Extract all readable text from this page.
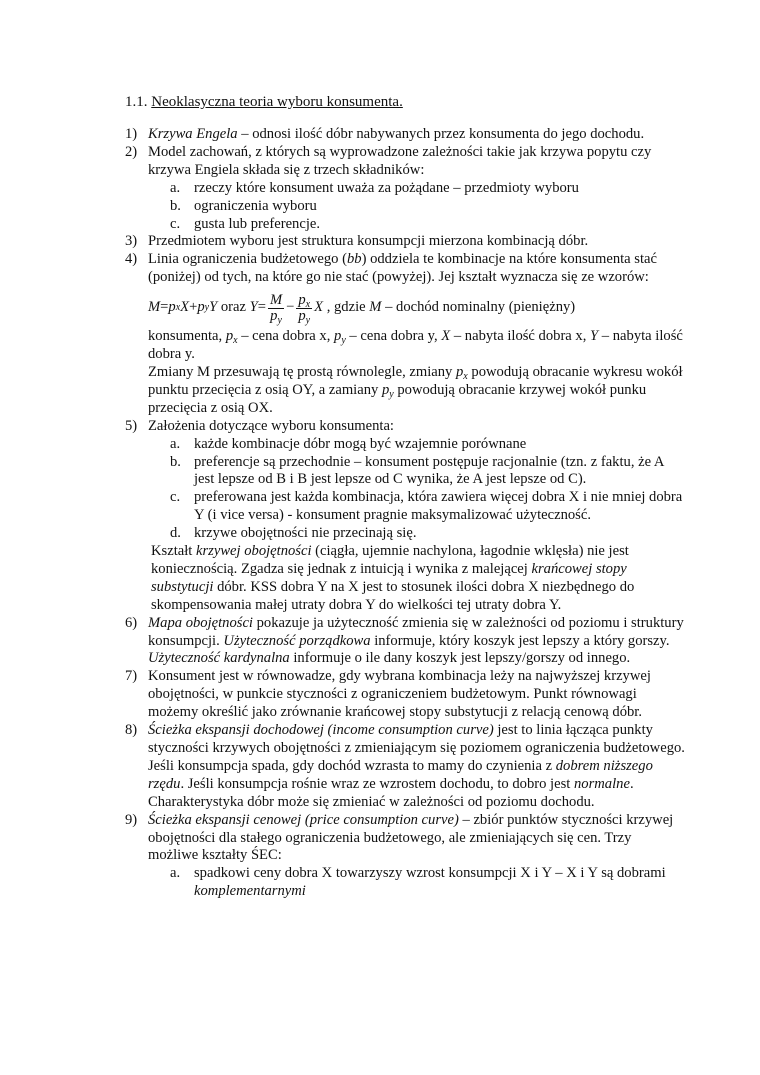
1.1. Neoklasyczna teoria wyboru konsumenta.
1) Krzywa Engela – odnosi ilość dóbr nabywanych przez konsumenta do jego dochodu.
2) Model zachowań, z których są wyprowadzone zależności takie jak krzywa popytu czy krzywa Engiela składa się z trzech składników:
a. rzeczy które konsument uważa za pożądane – przedmioty wyboru
b. ograniczenia wyboru
c. gusta lub preferencje.
3) Przedmiotem wyboru jest struktura konsumpcji mierzona kombinacją dóbr.
4) Linia ograniczenia budżetowego (bb) oddziela te kombinacje na które konsumenta stać (poniżej) od tych, na które go nie stać (powyżej). Jej kształt wyznacza się ze wzorów:
M = p x X + p y Y oraz $Y = \frac{M}{p_y} - \frac{p_x}{p_y}$ X , gdzie M – dochód nominalny (pieniężny)
konsumenta, $p_x$ – cena dobra x, $p_y$ – cena dobra y, X – nabyta ilość dobra x, Y – nabyta ilość dobra y.
Zmiany M przesuwają tę prostą równolegle, zmiany $p_x$ powodują obracanie wykresu wokół punktu przecięcia z osią OY, a zamiany $p_y$ powodują obracanie krzywej wokół punku przecięcia z osią OX.
5) Założenia dotyczące wyboru konsumenta:
a. każde kombinacje dóbr mogą być wzajemnie porównane
b. preferencje są przechodnie – konsument postępuje racjonalnie (tzn. z faktu, że A jest lepsze od B i B jest lepsze od C wynika, że A jest lepsze od C).
c. preferowana jest każda kombinacja, która zawiera więcej dobra X i nie mniej dobra Y (i vice versa) - konsument pragnie maksymalizować użyteczność.
d. krzywe obojętności nie przecinają się.
Kształt krzywej obojętności (ciągła, ujemnie nachylona, łagodnie wklęsła) nie jest koniecznością. Zgadza się jednak z intuicją i wynika z malejącej krańcowej stopy substytucji dóbr. KSS dobra Y na X jest to stosunek ilości dobra X niezbędnego do skompensowania małej utraty dobra Y do wielkości tej utraty dobra Y.
6) Mapa obojętności pokazuje ja użyteczność zmienia się w zależności od poziomu i struktury konsumpcji. Użyteczność porządkowa informuje, który koszyk jest lepszy a który gorszy. Użyteczność kardynalna informuje o ile dany koszyk jest lepszy/gorszy od innego.
7) Konsument jest w równowadze, gdy wybrana kombinacja leży na najwyższej krzywej obojętności, w punkcie styczności z ograniczeniem budżetowym. Punkt równowagi możemy określić jako zrównanie krańcowej stopy substytucji z relacją cenową dóbr.
8) Ścieżka ekspansji dochodowej (income consumption curve) jest to linia łącząca punkty styczności krzywych obojętności z zmieniającym się poziomem ograniczenia budżetowego. Jeśli konsumpcja spada, gdy dochód wzrasta to mamy do czynienia z dobrem niższego rzędu. Jeśli konsumpcja rośnie wraz ze wzrostem dochodu, to dobro jest normalne. Charakterystyka dóbr może się zmieniać w zależności od poziomu dochodu.
9) Ścieżka ekspansji cenowej (price consumption curve) – zbiór punktów styczności krzywej obojętności dla stałego ograniczenia budżetowego, ale zmieniających się cen. Trzy możliwe kształty ŚEC:
a. spadkowi ceny dobra X towarzyszy wzrost konsumpcji X i Y – X i Y są dobrami komplementarnymi
